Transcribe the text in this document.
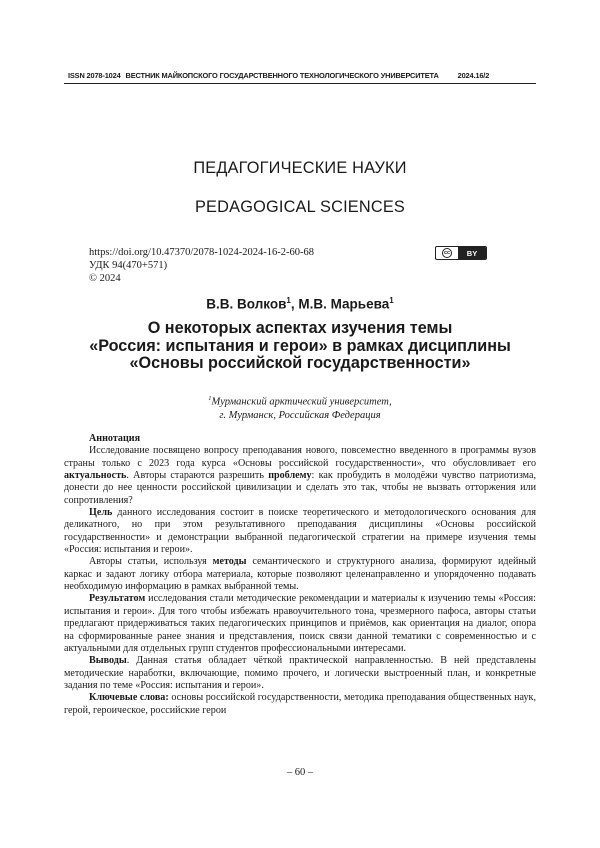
ISSN 2078-1024 ВЕСТНИК МАЙКОПСКОГО ГОСУДАРСТВЕННОГО ТЕХНОЛОГИЧЕСКОГО УНИВЕРСИТЕТА	2024.16/2
ПЕДАГОГИЧЕСКИЕ НАУКИ
PEDAGOGICAL SCIENCES
https://doi.org/10.47370/2078-1024-2024-16-2-60-68
УДК 94(470+571)
© 2024
cc	BY
В.В. Волков$^1$, М.В. Марьева$^1$
О некоторых аспектах изучения темы
«Россия: испытания и герои» в рамках дисциплины
«Основы российской государственности»
$^1$Мурманский арктический университет,
г. Мурманск, Российская Федерация

Аннотация

Исследование посвящено вопросу преподавания нового, повсеместно введенного в программы вузов страны только с 2023 года курса «Основы российской государственности», что обусловливает его актуальность. Авторы стараются разрешить проблему: как пробудить в молодёжи чувство патриотизма, донести до нее ценности российской цивилизации и сделать это так, чтобы не вызвать отторжения или сопротивления?

Цель данного исследования состоит в поиске теоретического и методологического основания для деликатного, но при этом результативного преподавания дисциплины «Основы российской государственности» и демонстрации выбранной педагогической стратегии на примере изучения темы «Россия: испытания и герои».

Авторы статьи, используя методы семантического и структурного анализа, формируют идейный каркас и задают логику отбора материала, которые позволяют целенаправленно и упорядоченно подавать необходимую информацию в рамках выбранной темы.

Результатом исследования стали методические рекомендации и материалы к изучению темы «Россия: испытания и герои». Для того чтобы избежать нравоучительного тона, чрезмерного пафоса, авторы статьи предлагают придерживаться таких педагогических принципов и приёмов, как ориентация на диалог, опора на сформированные ранее знания и представления, поиск связи данной тематики с современностью и с актуальными для отдельных групп студентов профессиональными интересами.

Выводы. Данная статья обладает чёткой практической направленностью. В ней представлены методические наработки, включающие, помимо прочего, и логически выстроенный план, и конкретные задания по теме «Россия: испытания и герои».

Ключевые слова: основы российской государственности, методика преподавания общественных наук, герой, героическое, российские герои

– 60 –
